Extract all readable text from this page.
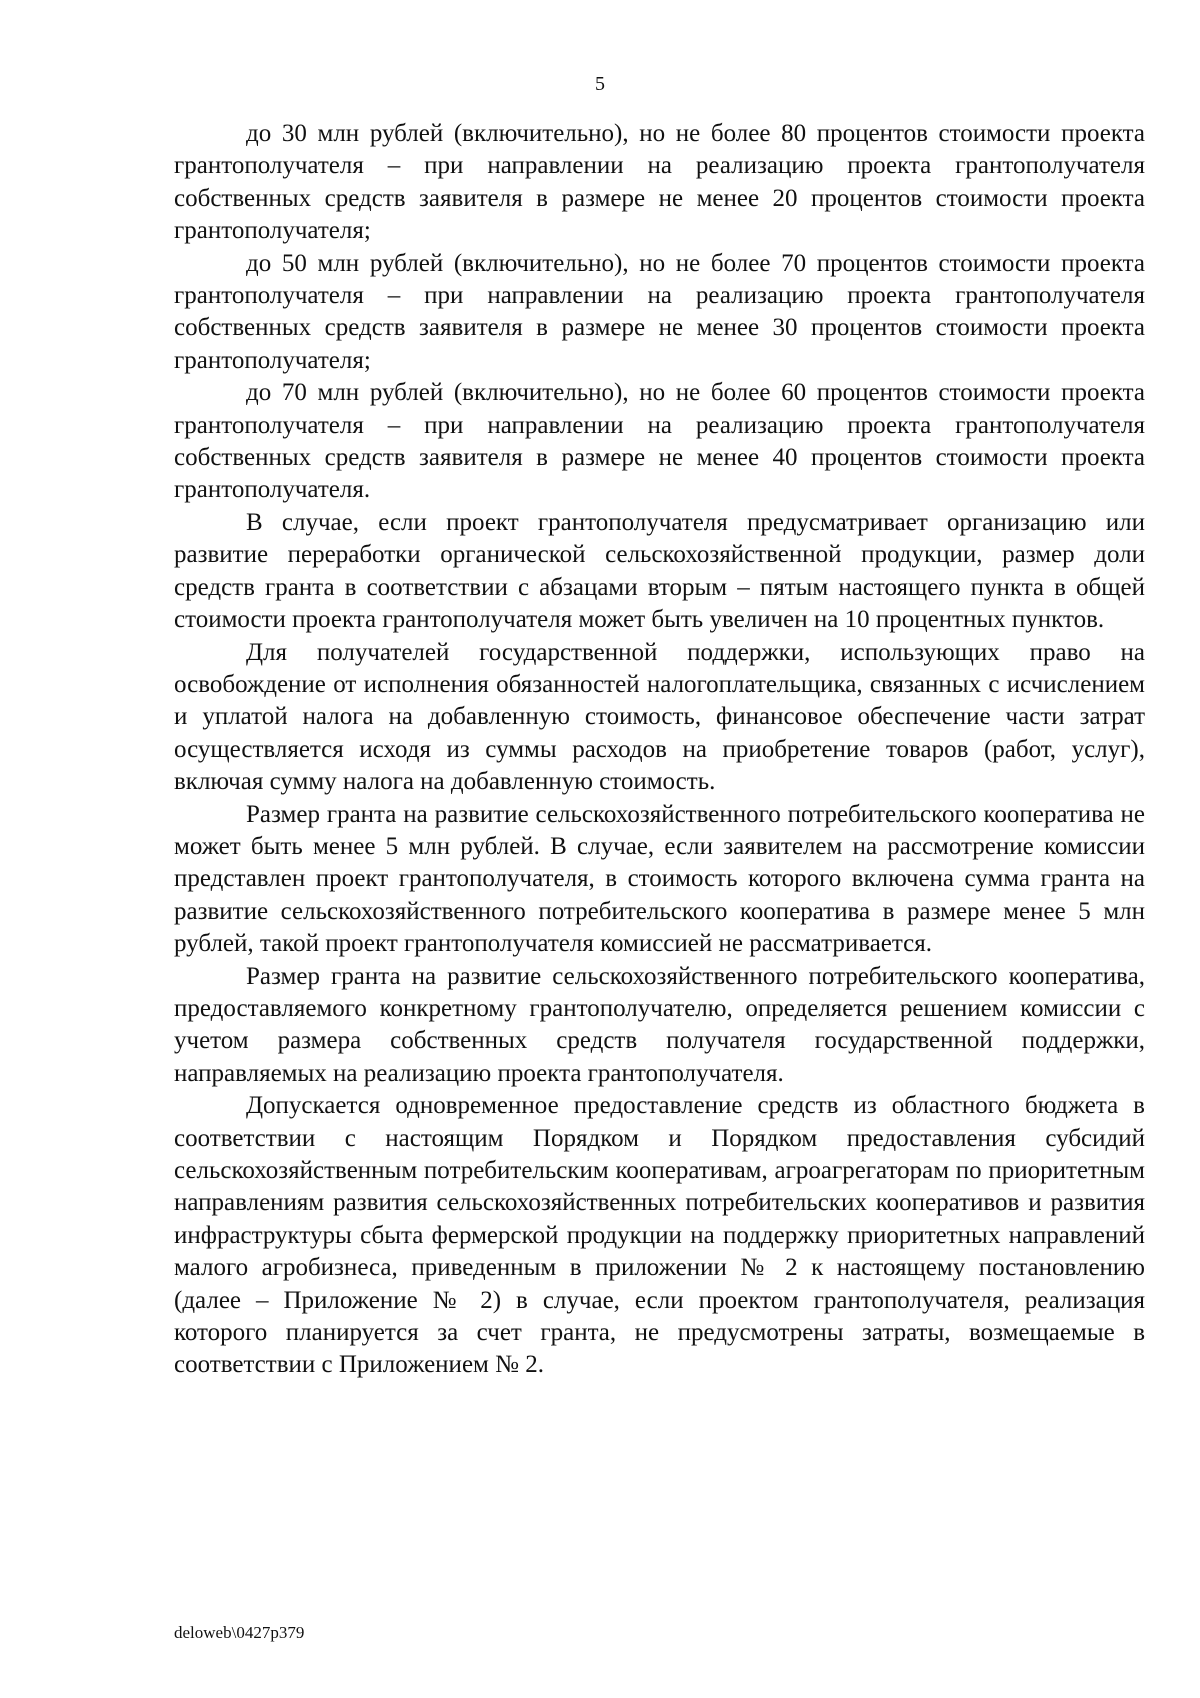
5

до 30 млн рублей (включительно), но не более 80 процентов стоимости проекта грантополучателя – при направлении на реализацию проекта грантополучателя собственных средств заявителя в размере не менее 20 процентов стоимости проекта грантополучателя;

до 50 млн рублей (включительно), но не более 70 процентов стоимости проекта грантополучателя – при направлении на реализацию проекта грантополучателя собственных средств заявителя в размере не менее 30 процентов стоимости проекта грантополучателя;

до 70 млн рублей (включительно), но не более 60 процентов стоимости проекта грантополучателя – при направлении на реализацию проекта грантополучателя собственных средств заявителя в размере не менее 40 процентов стоимости проекта грантополучателя.

В случае, если проект грантополучателя предусматривает организацию или развитие переработки органической сельскохозяйственной продукции, размер доли средств гранта в соответствии с абзацами вторым – пятым настоящего пункта в общей стоимости проекта грантополучателя может быть увеличен на 10 процентных пунктов.

Для получателей государственной поддержки, использующих право на освобождение от исполнения обязанностей налогоплательщика, связанных с исчислением и уплатой налога на добавленную стоимость, финансовое обеспечение части затрат осуществляется исходя из суммы расходов на приобретение товаров (работ, услуг), включая сумму налога на добавленную стоимость.

Размер гранта на развитие сельскохозяйственного потребительского кооператива не может быть менее 5 млн рублей. В случае, если заявителем на рассмотрение комиссии представлен проект грантополучателя, в стоимость которого включена сумма гранта на развитие сельскохозяйственного потребительского кооператива в размере менее 5 млн рублей, такой проект грантополучателя комиссией не рассматривается.

Размер гранта на развитие сельскохозяйственного потребительского кооператива, предоставляемого конкретному грантополучателю, определяется решением комиссии с учетом размера собственных средств получателя государственной поддержки, направляемых на реализацию проекта грантополучателя.

Допускается одновременное предоставление средств из областного бюджета в соответствии с настоящим Порядком и Порядком предоставления субсидий сельскохозяйственным потребительским кооперативам, агроагрегаторам по приоритетным направлениям развития сельскохозяйственных потребительских кооперативов и развития инфраструктуры сбыта фермерской продукции на поддержку приоритетных направлений малого агробизнеса, приведенным в приложении № 2 к настоящему постановлению (далее – Приложение № 2) в случае, если проектом грантополучателя, реализация которого планируется за счет гранта, не предусмотрены затраты, возмещаемые в соответствии с Приложением № 2.

deloweb\0427p379
